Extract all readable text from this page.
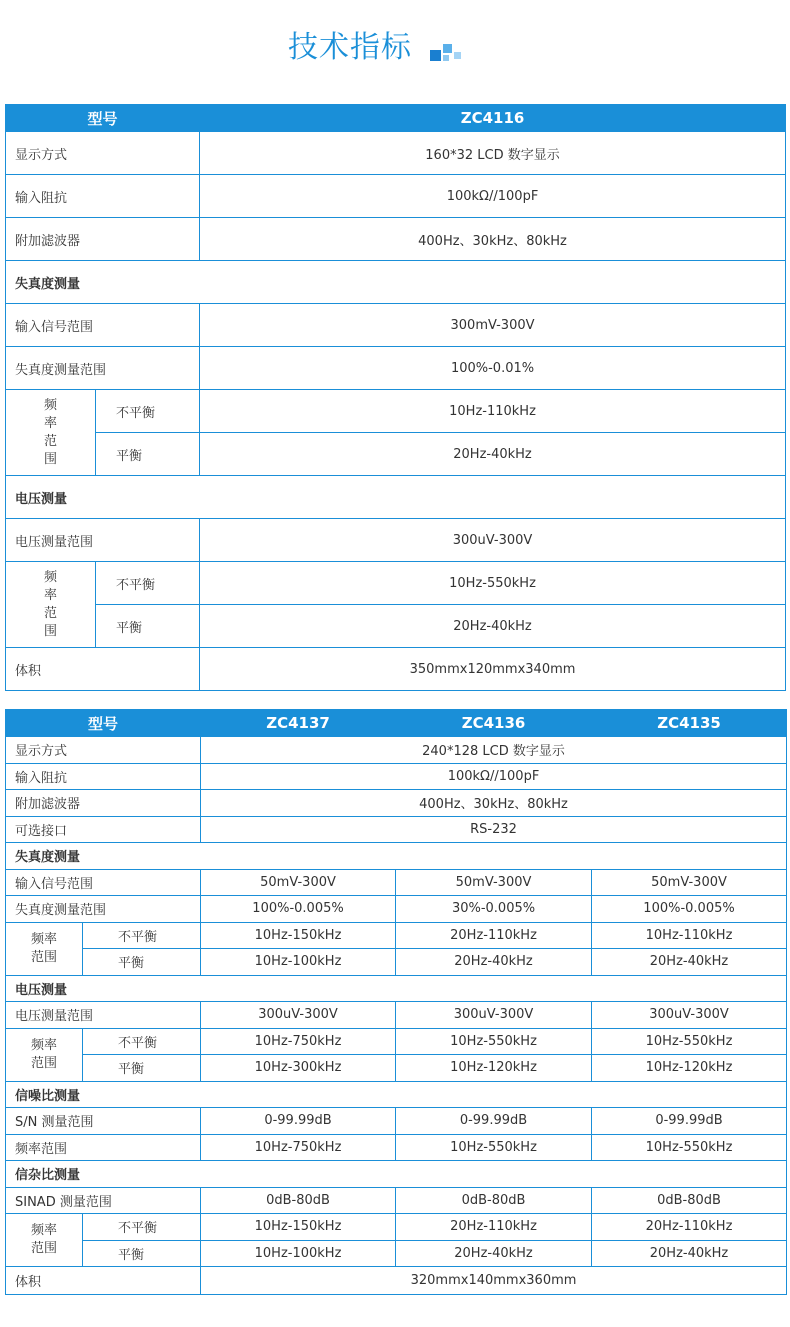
技术指标
型号		ZC4116
显示方式		160*32 LCD 数字显示
输入阻抗		100kΩ//100pF
附加滤波器		400Hz、30kHz、80kHz
失真度测量		
输入信号范围		300mV-300V
失真度测量范围		100%-0.01%
频率范围	不平衡	10Hz-110kHz
	平衡	20Hz-40kHz
电压测量		
电压测量范围		300uV-300V
频率范围	不平衡	10Hz-550kHz
	平衡	20Hz-40kHz
体积		350mmx120mmx340mm
型号		ZC4137	ZC4136	ZC4135
显示方式		240*128 LCD 数字显示		
输入阻抗		100kΩ//100pF		
附加滤波器		400Hz、30kHz、80kHz		
可选接口		RS-232		
失真度测量				
输入信号范围		50mV-300V	50mV-300V	50mV-300V
失真度测量范围		100%-0.005%	30%-0.005%	100%-0.005%
频率范围	不平衡	10Hz-150kHz	20Hz-110kHz	10Hz-110kHz
	平衡	10Hz-100kHz	20Hz-40kHz	20Hz-40kHz
电压测量				
电压测量范围		300uV-300V	300uV-300V	300uV-300V
频率范围	不平衡	10Hz-750kHz	10Hz-550kHz	10Hz-550kHz
	平衡	10Hz-300kHz	10Hz-120kHz	10Hz-120kHz
信噪比测量				
S/N 测量范围		0-99.99dB	0-99.99dB	0-99.99dB
频率范围		10Hz-750kHz	10Hz-550kHz	10Hz-550kHz
信杂比测量				
SINAD 测量范围		0dB-80dB	0dB-80dB	0dB-80dB
频率范围	不平衡	10Hz-150kHz	20Hz-110kHz	20Hz-110kHz
	平衡	10Hz-100kHz	20Hz-40kHz	20Hz-40kHz
体积		320mmx140mmx360mm		
